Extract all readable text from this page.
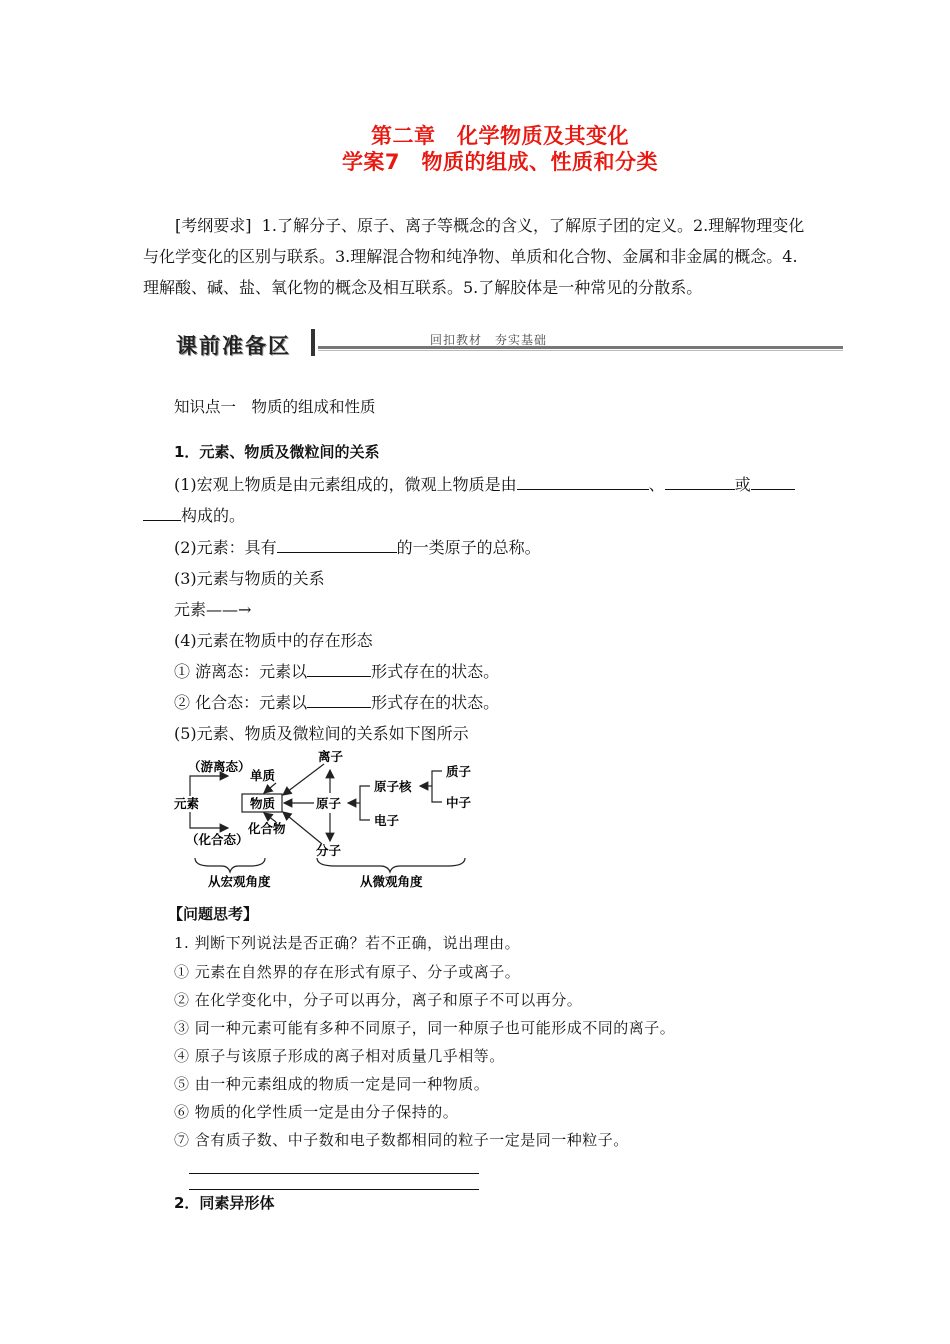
第二章　化学物质及其变化
学案7　物质的组成、性质和分类
[考纲要求] 1.了解分子、原子、离子等概念的含义，了解原子团的定义。2.理解物理变化与化学变化的区别与联系。3.理解混合物和纯净物、单质和化合物、金属和非金属的概念。4.理解酸、碱、盐、氧化物的概念及相互联系。5.了解胶体是一种常见的分散系。
课前准备区	回扣教材　夯实基础
知识点一　物质的组成和性质
1．元素、物质及微粒间的关系
(1)宏观上物质是由元素组成的，微观上物质是由	、	或
构成的。
(2)元素：具有	的一类原子的总称。
(3)元素与物质的关系
元素——→
(4)元素在物质中的存在形态
① 游离态：元素以	形式存在的状态。
② 化合态：元素以	形式存在的状态。
(5)元素、物质及微粒间的关系如下图所示
（游离态）
单质
元素	物质
（化合态）
化合物
离子
原子
分子
原子核
电子
质子
中子
从宏观角度	从微观角度
【问题思考】
1. 判断下列说法是否正确？若不正确，说出理由。
① 元素在自然界的存在形式有原子、分子或离子。
② 在化学变化中，分子可以再分，离子和原子不可以再分。
③ 同一种元素可能有多种不同原子，同一种原子也可能形成不同的离子。
④ 原子与该原子形成的离子相对质量几乎相等。
⑤ 由一种元素组成的物质一定是同一种物质。
⑥ 物质的化学性质一定是由分子保持的。
⑦ 含有质子数、中子数和电子数都相同的粒子一定是同一种粒子。
2．同素异形体
